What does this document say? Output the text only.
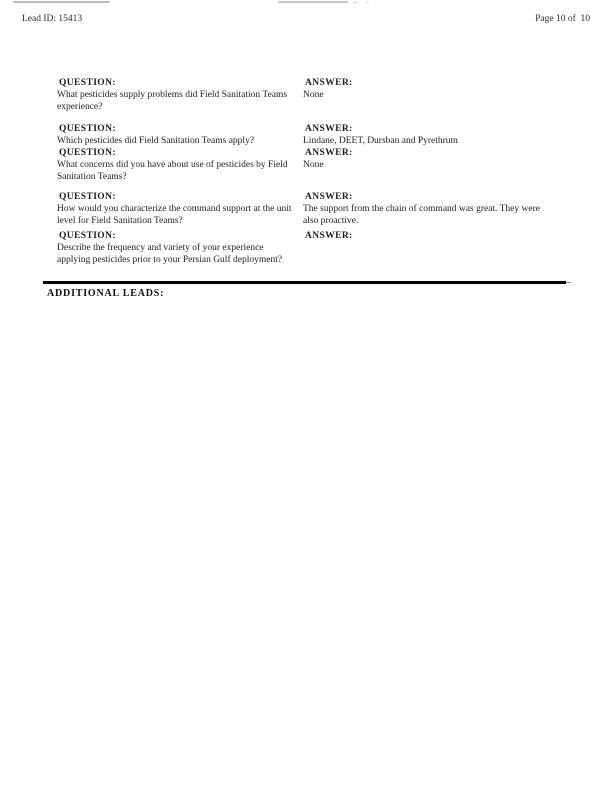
Lead ID: 15413	Page 10 of  10
QUESTION:
What pesticides supply problems did Field Sanitation Teams experience?
ANSWER:
None
QUESTION:
Which pesticides did Field Sanitation Teams apply?
ANSWER:
Lindane, DEET, Dursban and Pyrethrum
QUESTION:
What concerns did you have about use of pesticides by Field Sanitation Teams?
ANSWER:
None
QUESTION:
How would you characterize the command support at the unit level for Field Sanitation Teams?
ANSWER:
The support from the chain of command was great. They were also proactive.
QUESTION:
Describe the frequency and variety of your experience applying pesticides prior to your Persian Gulf deployment?
ANSWER:
ADDITIONAL LEADS:
